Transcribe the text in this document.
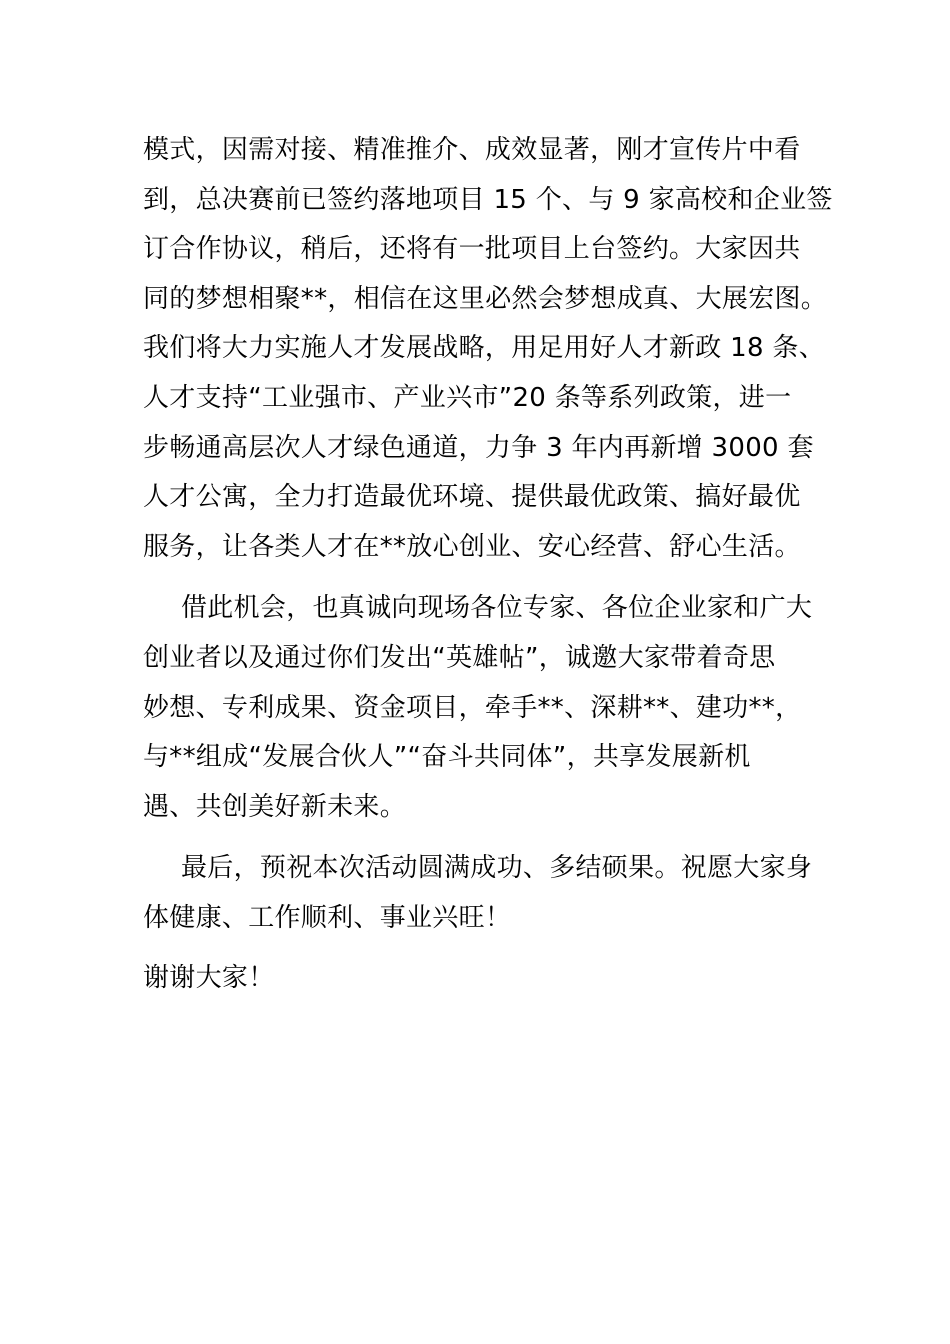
模式，因需对接、精准推介、成效显著，刚才宣传片中看
到，总决赛前已签约落地项目 15 个、与 9 家高校和企业签
订合作协议，稍后，还将有一批项目上台签约。大家因共
同的梦想相聚**，相信在这里必然会梦想成真、大展宏图。
我们将大力实施人才发展战略，用足用好人才新政 18 条、
人才支持“工业强市、产业兴市”20 条等系列政策，进一
步畅通高层次人才绿色通道，力争 3 年内再新增 3000 套
人才公寓，全力打造最优环境、提供最优政策、搞好最优
服务，让各类人才在**放心创业、安心经营、舒心生活。
借此机会，也真诚向现场各位专家、各位企业家和广大
创业者以及通过你们发出“英雄帖”，诚邀大家带着奇思
妙想、专利成果、资金项目，牵手**、深耕**、建功**，
与**组成“发展合伙人”“奋斗共同体”，共享发展新机
遇、共创美好新未来。
最后，预祝本次活动圆满成功、多结硕果。祝愿大家身
体健康、工作顺利、事业兴旺！
谢谢大家！
